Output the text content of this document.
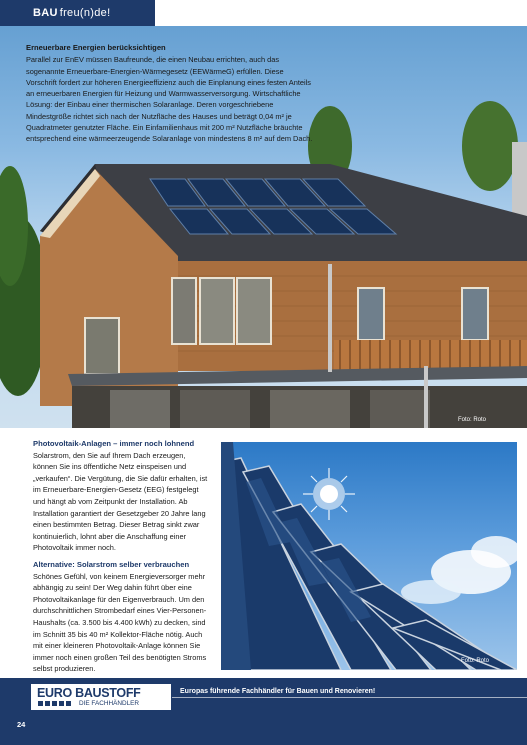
BAU freu(n)de!
Erneuerbare Energien berücksichtigen

Parallel zur EnEV müssen Baufreunde, die einen Neubau errichten, auch das sogenannte Erneuerbare-Energien-Wärmegesetz (EEWärmeG) erfüllen. Diese Vorschrift fordert zur höheren Energieeffizienz auch die Einplanung eines festen Anteils an erneuerbaren Energien für Heizung und Warmwasserversorgung. Wirtschaftliche Lösung: der Einbau einer thermischen Solaranlage. Deren vorgeschriebene Mindestgröße richtet sich nach der Nutzfläche des Hauses und beträgt 0,04 m² je Quadratmeter genutzter Fläche. Ein Einfamilienhaus mit 200 m² Nutzfläche bräuchte entsprechend eine wärmeerzeugende Solaranlage von mindestens 8 m² auf dem Dach.

Foto: Roto
Photovoltaik-Anlagen – immer noch lohnend

Solarstrom, den Sie auf Ihrem Dach erzeugen, können Sie ins öffentliche Netz einspeisen und „verkaufen“. Die Vergütung, die Sie dafür erhalten, ist im Erneuerbare-Energien-Gesetz (EEG) festgelegt und hängt ab vom Zeitpunkt der Installation. Ab Installation garantiert der Gesetzgeber 20 Jahre lang einen bestimmten Betrag. Dieser Betrag sinkt zwar kontinuierlich, lohnt aber die Anschaffung einer Photovoltaik immer noch.

Alternative: Solarstrom selber verbrauchen

Schönes Gefühl, von keinem Energieversorger mehr abhängig zu sein! Der Weg dahin führt über eine Photovoltaikanlage für den Eigenverbrauch. Um den durchschnittlichen Strombedarf eines Vier-Personen-Haushalts (ca. 3.500 bis 4.400 kWh) zu decken, sind im Schnitt 35 bis 40 m² Kollektor-Fläche nötig. Auch mit einer kleineren Photovoltaik-Anlage können Sie immer noch einen großen Teil des benötigten Stroms selbst produzieren.

Foto: Roto
EURO BAUSTOFF
DIE FACHHÄNDLER
Europas führende Fachhändler für Bauen und Renovieren!
24
